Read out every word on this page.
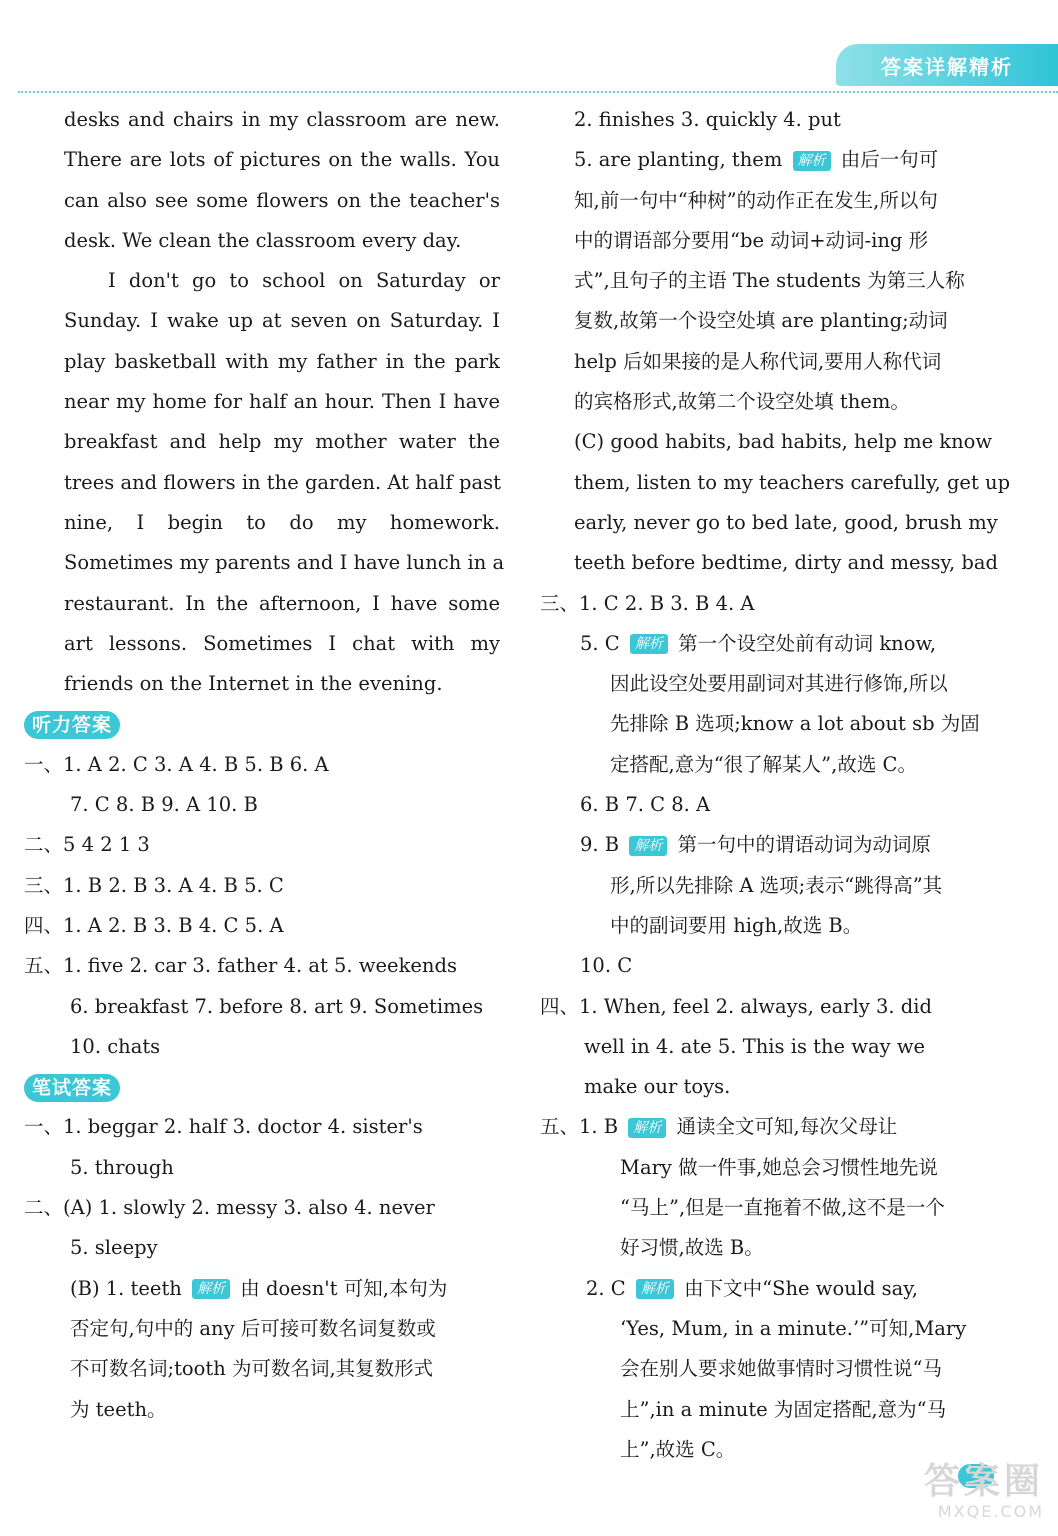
答案详解精析
desks and chairs in my classroom are new.
There are lots of pictures on the walls. You
can also see some flowers on the teacher's
desk. We clean the classroom every day.
I don't go to school on Saturday or
Sunday. I wake up at seven on Saturday. I
play basketball with my father in the park
near my home for half an hour. Then I have
breakfast and help my mother water the
trees and flowers in the garden. At half past
nine, I begin to do my homework.
Sometimes my parents and I have lunch in a
restaurant. In the afternoon, I have some
art lessons. Sometimes I chat with my
friends on the Internet in the evening.
听力答案
一、1. A 2. C 3. A 4. B 5. B 6. A
7. C 8. B 9. A 10. B
二、5 4 2 1 3
三、1. B 2. B 3. A 4. B 5. C
四、1. A 2. B 3. B 4. C 5. A
五、1. five 2. car 3. father 4. at 5. weekends
6. breakfast 7. before 8. art 9. Sometimes
10. chats
笔试答案
一、1. beggar 2. half 3. doctor 4. sister's
5. through
二、(A) 1. slowly 2. messy 3. also 4. never
5. sleepy
(B) 1. teeth 解析 由 doesn't 可知,本句为
否定句,句中的 any 后可接可数名词复数或
不可数名词;tooth 为可数名词,其复数形式
为 teeth。
2. finishes 3. quickly 4. put
5. are planting, them 解析 由后一句可
知,前一句中“种树”的动作正在发生,所以句
中的谓语部分要用“be 动词+动词-ing 形
式”,且句子的主语 The students 为第三人称
复数,故第一个设空处填 are planting;动词
help 后如果接的是人称代词,要用人称代词
的宾格形式,故第二个设空处填 them。
(C) good habits, bad habits, help me know
them, listen to my teachers carefully, get up
early, never go to bed late, good, brush my
teeth before bedtime, dirty and messy, bad
三、1. C 2. B 3. B 4. A
5. C 解析 第一个设空处前有动词 know,
因此设空处要用副词对其进行修饰,所以
先排除 B 选项;know a lot about sb 为固
定搭配,意为“很了解某人”,故选 C。
6. B 7. C 8. A
9. B 解析 第一句中的谓语动词为动词原
形,所以先排除 A 选项;表示“跳得高”其
中的副词要用 high,故选 B。
10. C
四、1. When, feel 2. always, early 3. did
well in 4. ate 5. This is the way we
make our toys.
五、1. B 解析 通读全文可知,每次父母让
Mary 做一件事,她总会习惯性地先说
“马上”,但是一直拖着不做,这不是一个
好习惯,故选 B。
2. C 解析 由下文中“She would say,
‘Yes, Mum, in a minute.’”可知,Mary
会在别人要求她做事情时习惯性说“马
上”,in a minute 为固定搭配,意为“马
上”,故选 C。
答案圈
MXQE.COM
